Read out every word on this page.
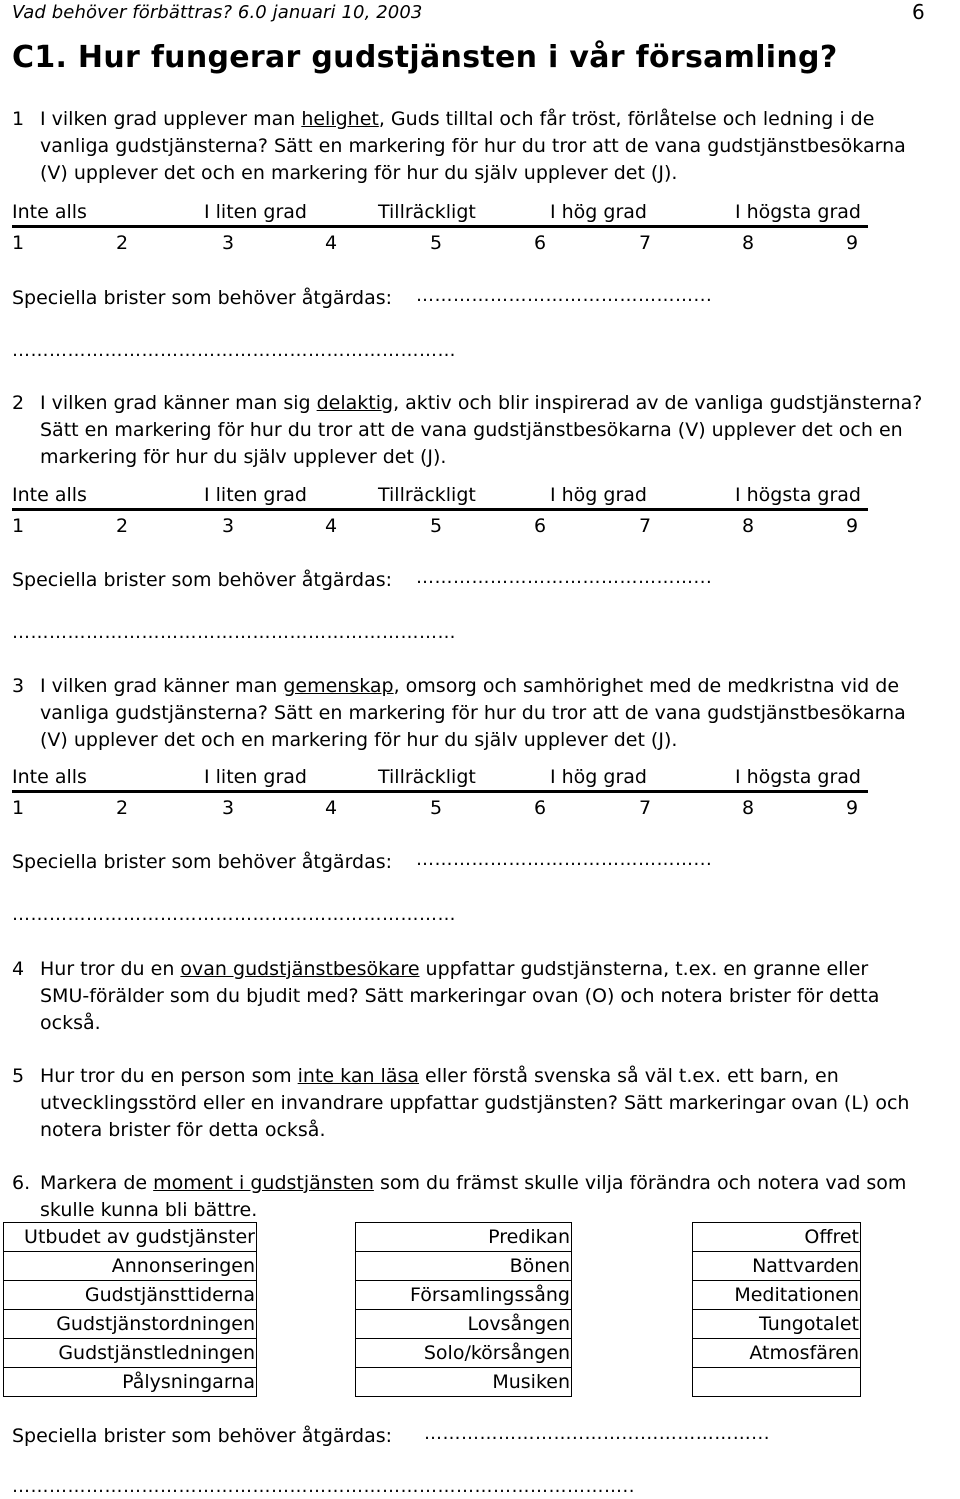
Vad behöver förbättras? 6.0 januari 10, 2003	6
C1. Hur fungerar gudstjänsten i vår församling?
1 I vilken grad upplever man helighet, Guds tilltal och får tröst, förlåtelse och ledning i de
vanliga gudstjänsterna? Sätt en markering för hur du tror att de vana gudstjänstbesökarna
(V) upplever det och en markering för hur du själv upplever det (J).
Inte alls	I liten grad	Tillräckligt	I hög grad	I högsta grad
1	2	3	4	5	6	7	8	9
Speciella brister som behöver åtgärdas: ………………………………………...
………………………………………………………………
2 I vilken grad känner man sig delaktig, aktiv och blir inspirerad av de vanliga gudstjänsterna?
Sätt en markering för hur du tror att de vana gudstjänstbesökarna (V) upplever det och en
markering för hur du själv upplever det (J).
Inte alls	I liten grad	Tillräckligt	I hög grad	I högsta grad
1	2	3	4	5	6	7	8	9
Speciella brister som behöver åtgärdas: ………………………………………...
………………………………………………………………
3 I vilken grad känner man gemenskap, omsorg och samhörighet med de medkristna vid de
vanliga gudstjänsterna? Sätt en markering för hur du tror att de vana gudstjänstbesökarna
(V) upplever det och en markering för hur du själv upplever det (J).
Inte alls	I liten grad	Tillräckligt	I hög grad	I högsta grad
1	2	3	4	5	6	7	8	9
Speciella brister som behöver åtgärdas: ………………………………………...
………………………………………………………………
4 Hur tror du en ovan gudstjänstbesökare uppfattar gudstjänsterna, t.ex. en granne eller
SMU-förälder som du bjudit med? Sätt markeringar ovan (O) och notera brister för detta
också.
5 Hur tror du en person som inte kan läsa eller förstå svenska så väl t.ex. ett barn, en
utvecklingsstörd eller en invandrare uppfattar gudstjänsten? Sätt markeringar ovan (L) och
notera brister för detta också.
6. Markera de moment i gudstjänsten som du främst skulle vilja förändra och notera vad som
skulle kunna bli bättre.
Utbudet av gudstjänster		Predikan		Offret
Annonseringen		Bönen		Nattvarden
Gudstjänsttiderna		Församlingssång		Meditationen
Gudstjänstordningen		Lovsången		Tungotalet
Gudstjänstledningen		Solo/körsången		Atmosfären
Pålysningarna		Musiken		
Speciella brister som behöver åtgärdas: ……………………..……......……………...
………………………………………………………………………………………..
